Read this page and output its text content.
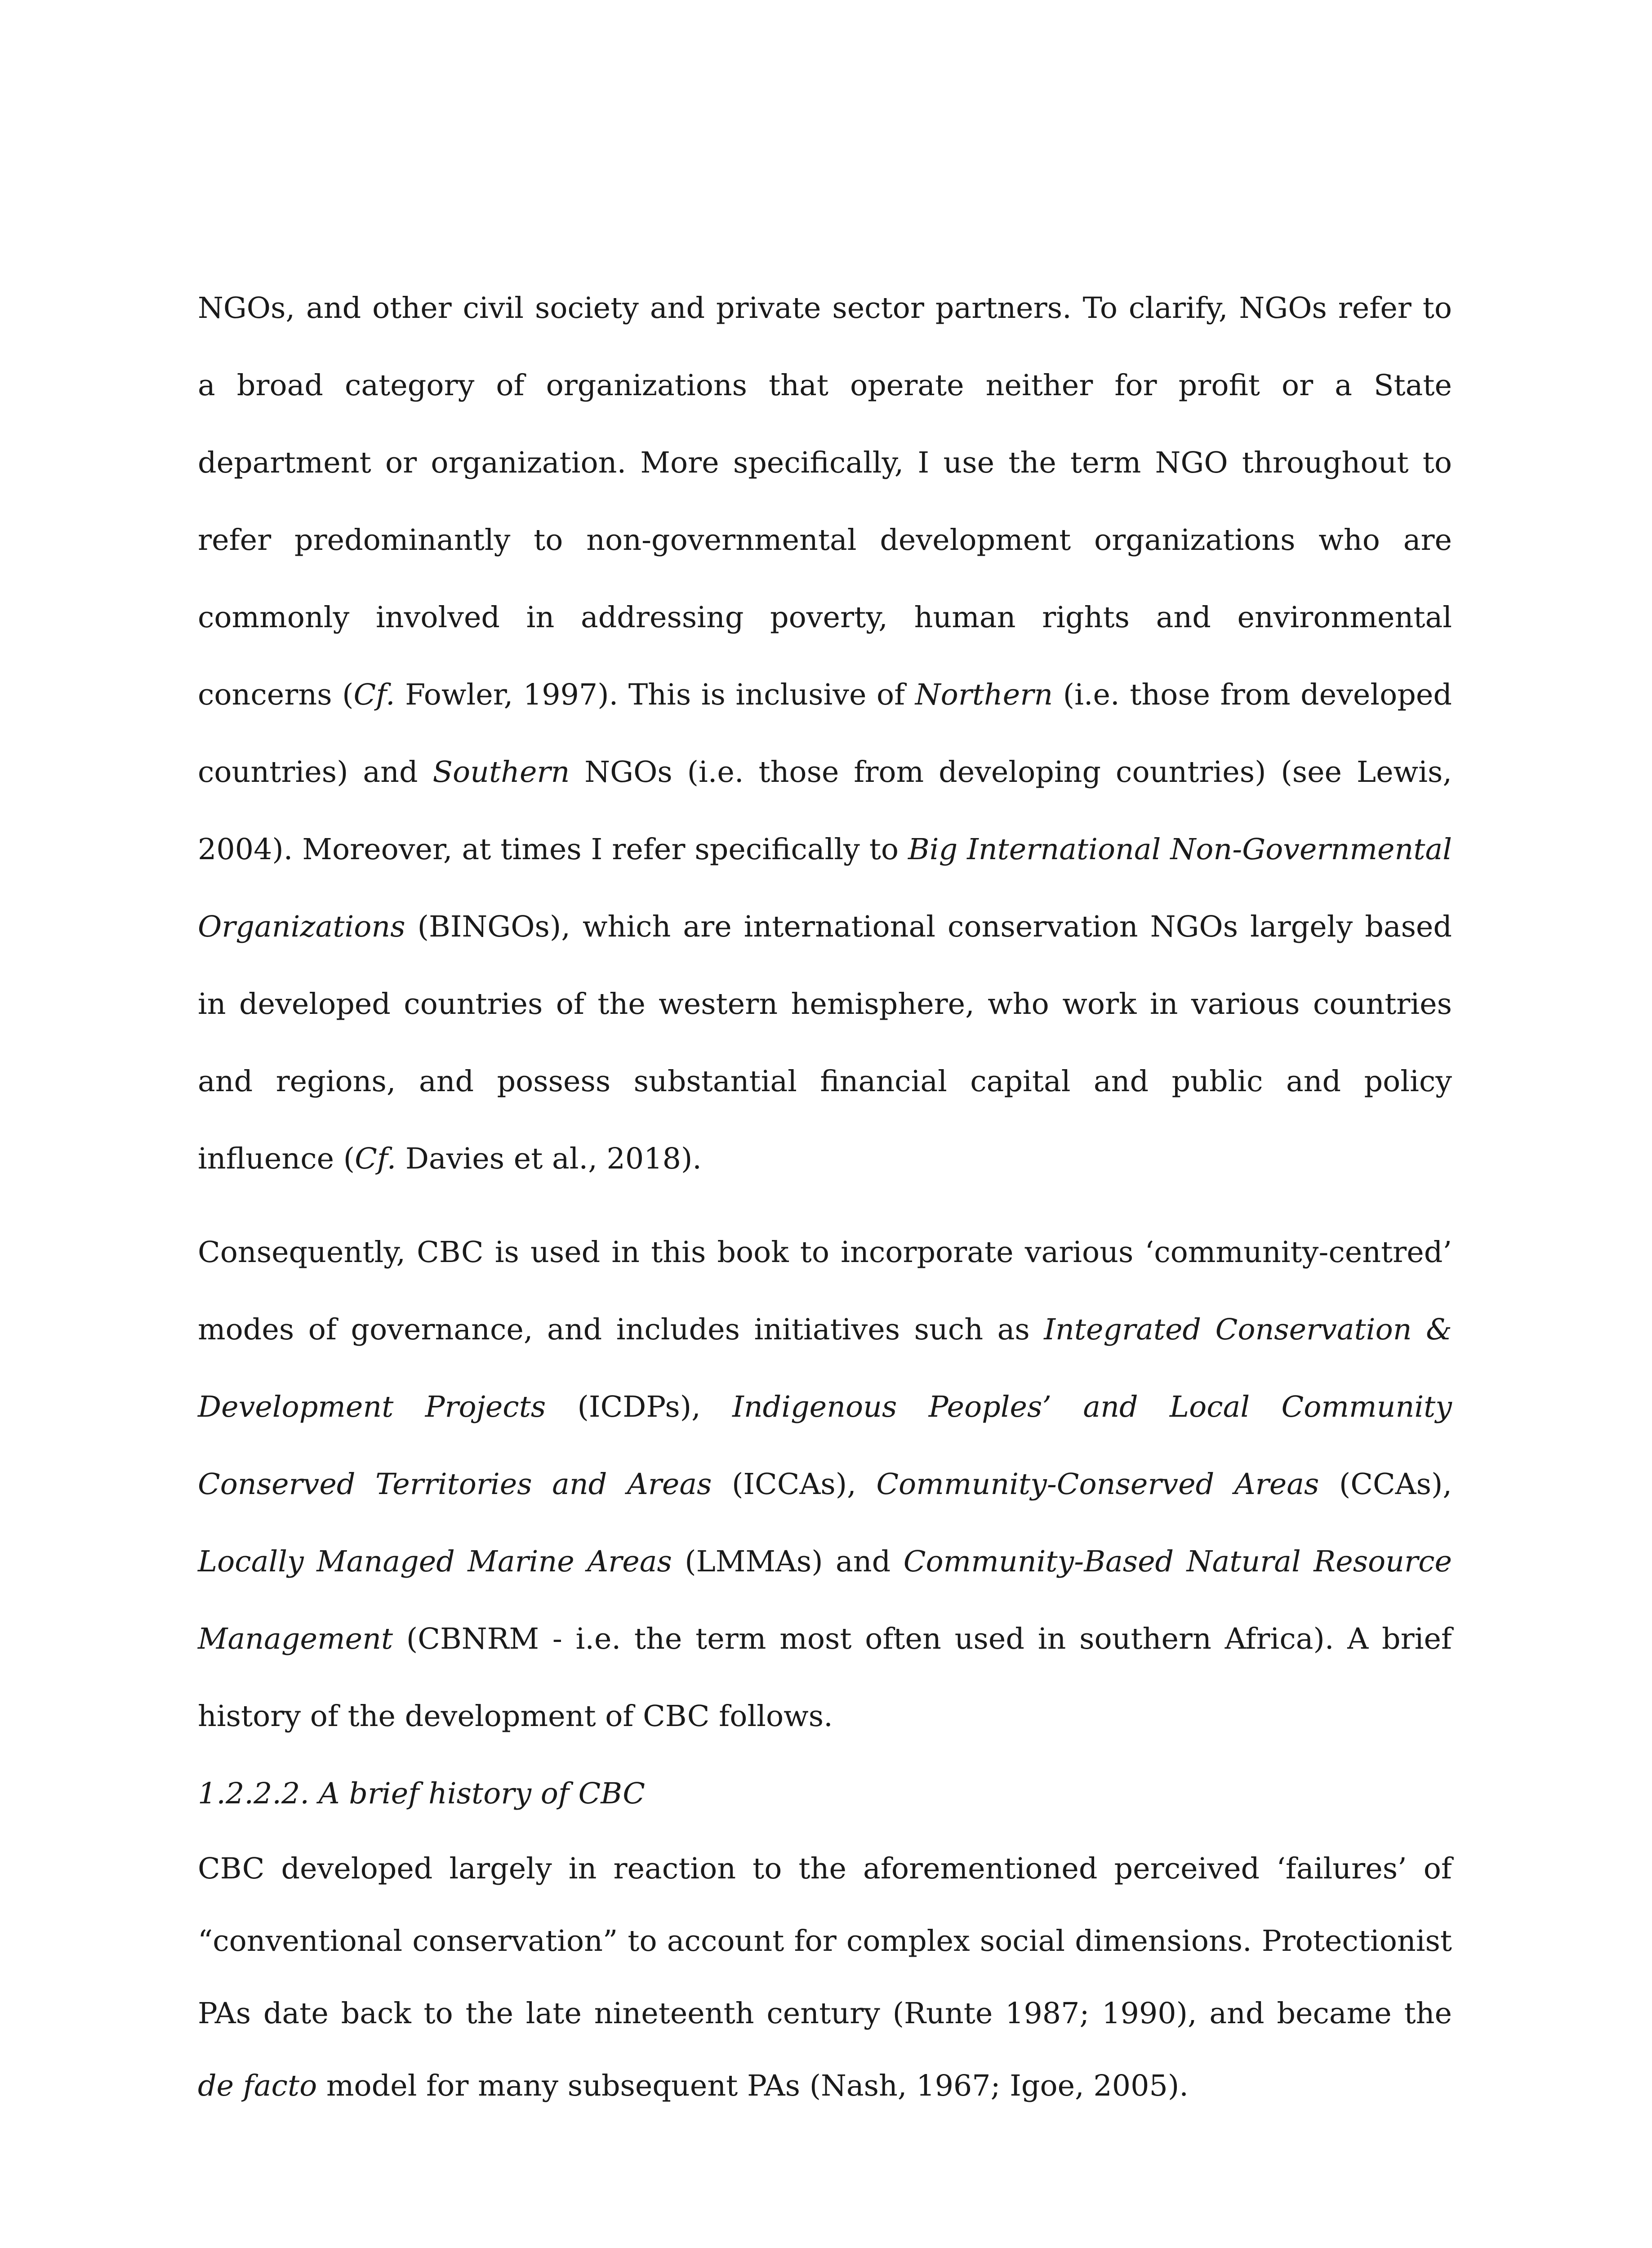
NGOs, and other civil society and private sector partners. To clarify, NGOs refer to a broad category of organizations that operate neither for profit or a State department or organization. More specifically, I use the term NGO throughout to refer predominantly to non-governmental development organizations who are commonly involved in addressing poverty, human rights and environmental concerns (Cf. Fowler, 1997). This is inclusive of Northern (i.e. those from developed countries) and Southern NGOs (i.e. those from developing countries) (see Lewis, 2004). Moreover, at times I refer specifically to Big International Non-Governmental Organizations (BINGOs), which are international conservation NGOs largely based in developed countries of the western hemisphere, who work in various countries and regions, and possess substantial financial capital and public and policy influence (Cf. Davies et al., 2018).

Consequently, CBC is used in this book to incorporate various ‘community-centred’ modes of governance, and includes initiatives such as Integrated Conservation & Development Projects (ICDPs), Indigenous Peoples’ and Local Community Conserved Territories and Areas (ICCAs), Community-Conserved Areas (CCAs), Locally Managed Marine Areas (LMMAs) and Community-Based Natural Resource Management (CBNRM - i.e. the term most often used in southern Africa). A brief history of the development of CBC follows.

1.2.2.2. A brief history of CBC

CBC developed largely in reaction to the aforementioned perceived ‘failures’ of “conventional conservation” to account for complex social dimensions. Protectionist PAs date back to the late nineteenth century (Runte 1987; 1990), and became the de facto model for many subsequent PAs (Nash, 1967; Igoe, 2005).
